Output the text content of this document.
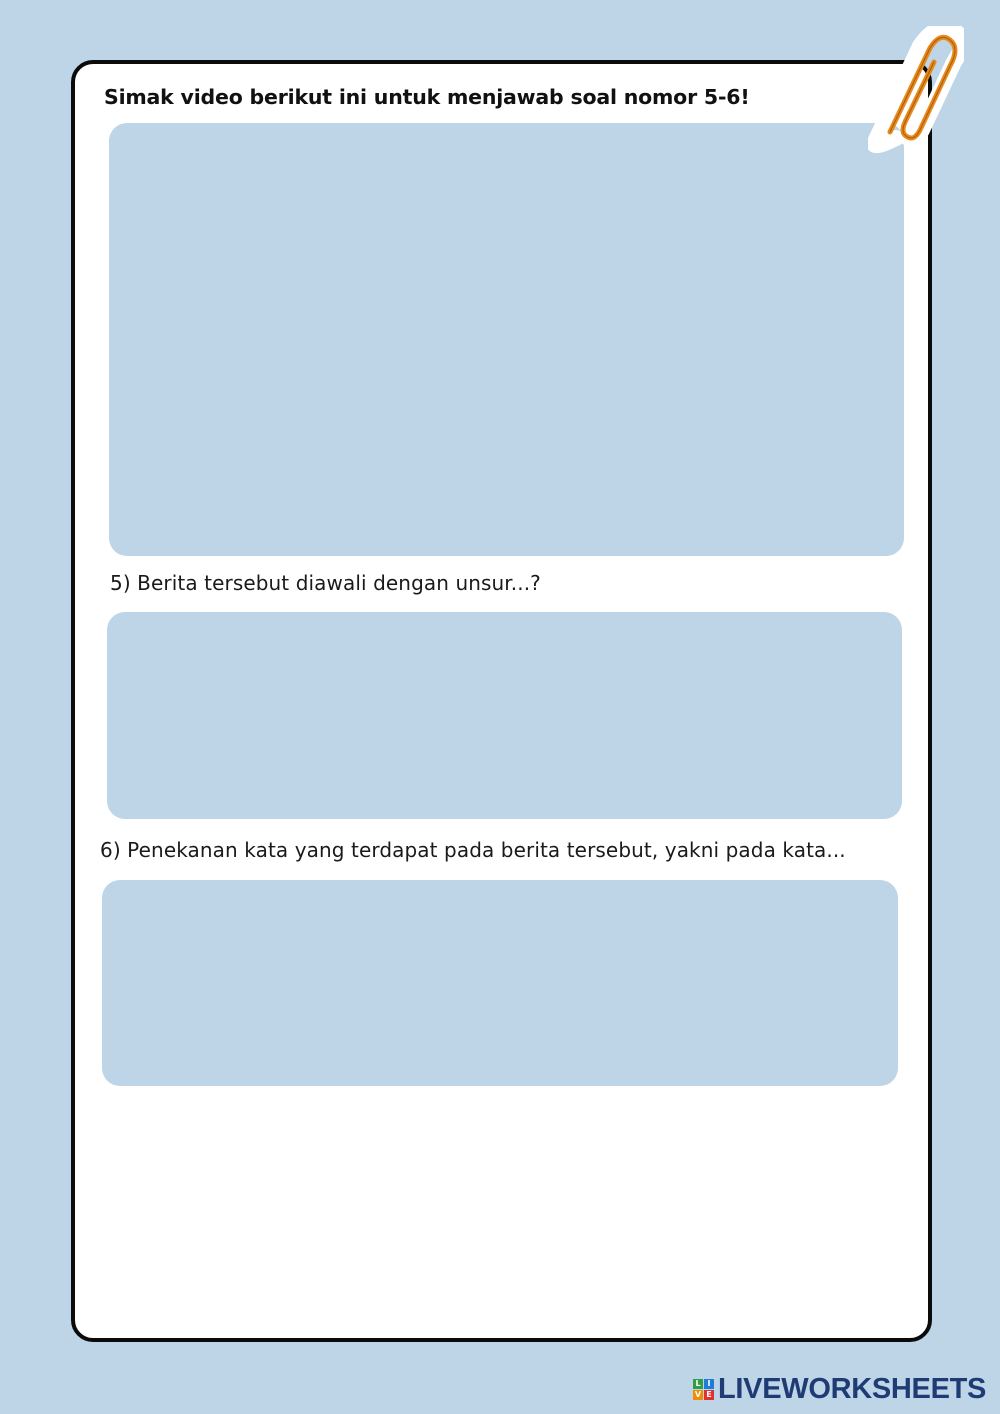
Simak video berikut ini untuk menjawab soal nomor 5-6!
5) Berita tersebut diawali dengan unsur...?
6) Penekanan kata yang terdapat pada berita tersebut, yakni pada kata...
L I
V E LIVEWORKSHEETS
